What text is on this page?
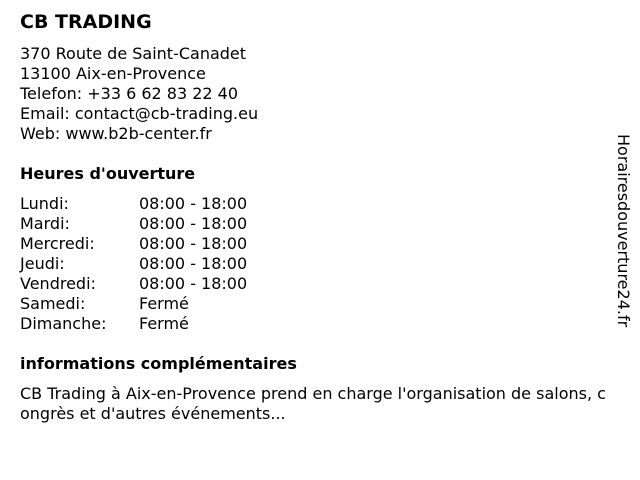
CB TRADING
370 Route de Saint-Canadet
13100 Aix-en-Provence
Telefon: +33 6 62 83 22 40
Email: contact@cb-trading.eu
Web: www.b2b-center.fr
Heures d'ouverture
Lundi:	08:00 - 18:00
Mardi:	08:00 - 18:00
Mercredi:	08:00 - 18:00
Jeudi:	08:00 - 18:00
Vendredi:	08:00 - 18:00
Samedi:	Fermé
Dimanche:	Fermé
informations complémentaires
CB Trading à Aix-en-Provence prend en charge l'organisation de salons, congrès et d'autres événements...
Horairesdouverture24.fr
